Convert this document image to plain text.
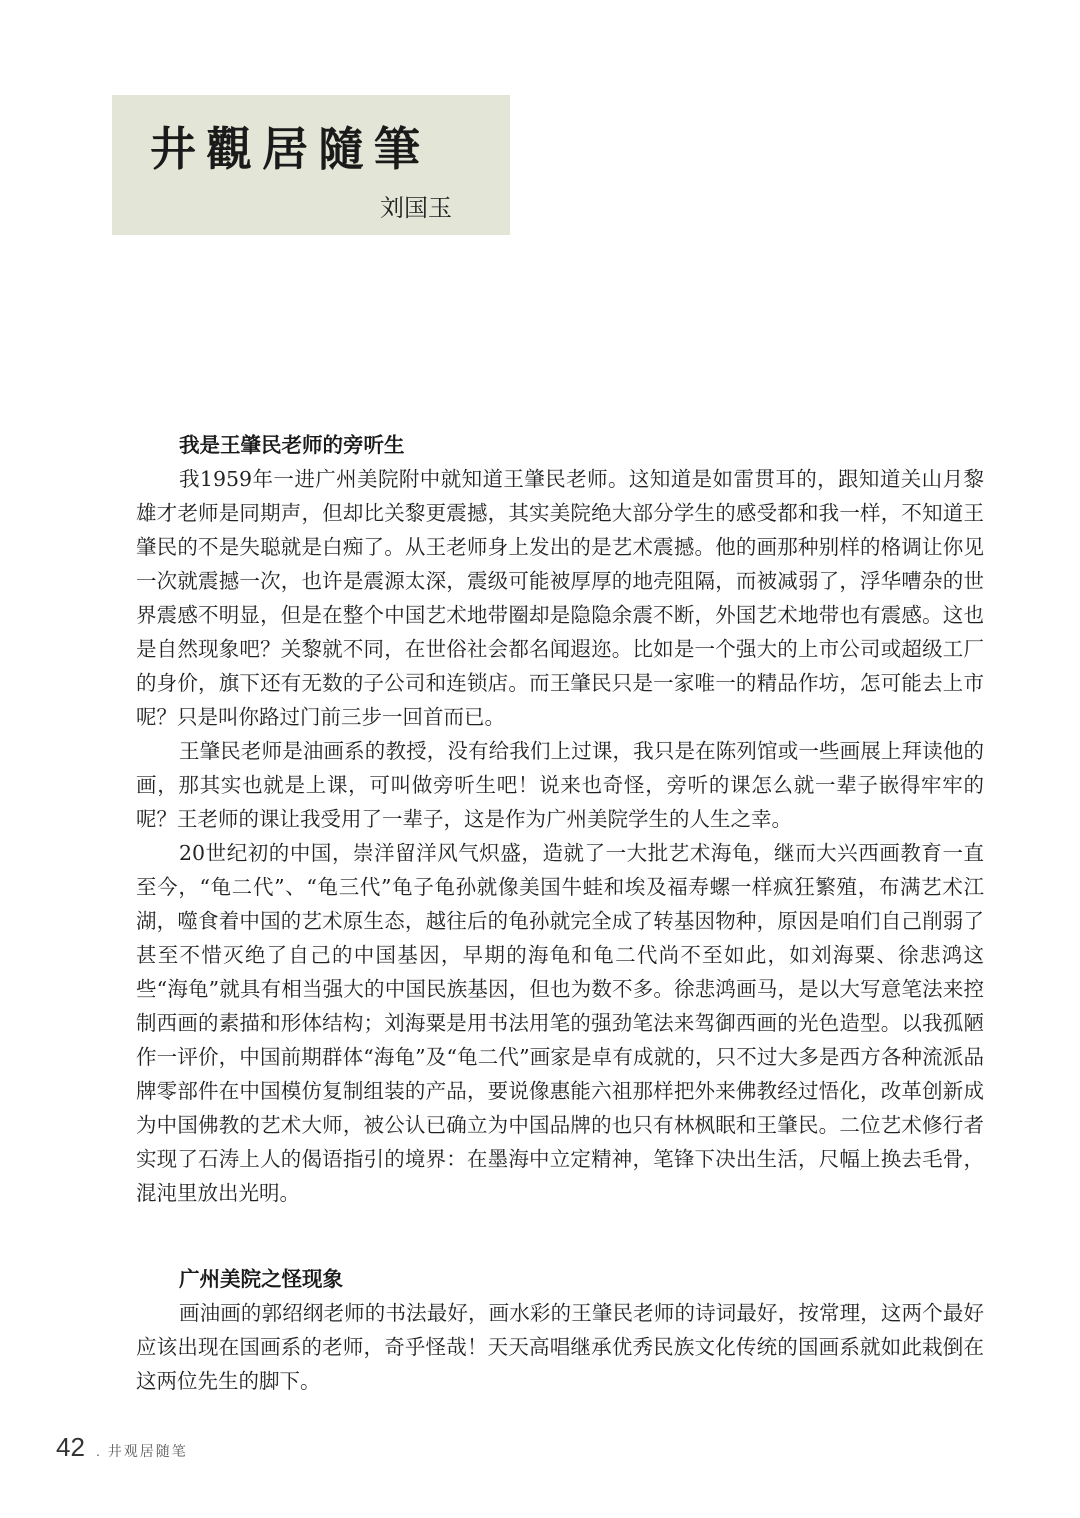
井觀居隨筆
刘国玉
我是王肇民老师的旁听生

我1959年一进广州美院附中就知道王肇民老师。这知道是如雷贯耳的，跟知道关山月黎雄才老师是同期声，但却比关黎更震撼，其实美院绝大部分学生的感受都和我一样，不知道王肇民的不是失聪就是白痴了。从王老师身上发出的是艺术震撼。他的画那种别样的格调让你见一次就震撼一次，也许是震源太深，震级可能被厚厚的地壳阻隔，而被减弱了，浮华嘈杂的世界震感不明显，但是在整个中国艺术地带圈却是隐隐余震不断，外国艺术地带也有震感。这也是自然现象吧？关黎就不同，在世俗社会都名闻遐迩。比如是一个强大的上市公司或超级工厂的身价，旗下还有无数的子公司和连锁店。而王肇民只是一家唯一的精品作坊，怎可能去上市呢？只是叫你路过门前三步一回首而已。

王肇民老师是油画系的教授，没有给我们上过课，我只是在陈列馆或一些画展上拜读他的画，那其实也就是上课，可叫做旁听生吧！说来也奇怪，旁听的课怎么就一辈子嵌得牢牢的呢？王老师的课让我受用了一辈子，这是作为广州美院学生的人生之幸。

20世纪初的中国，崇洋留洋风气炽盛，造就了一大批艺术海龟，继而大兴西画教育一直至今，“龟二代”、“龟三代”龟子龟孙就像美国牛蛙和埃及福寿螺一样疯狂繁殖，布满艺术江湖，噬食着中国的艺术原生态，越往后的龟孙就完全成了转基因物种，原因是咱们自己削弱了甚至不惜灭绝了自己的中国基因，早期的海龟和龟二代尚不至如此，如刘海粟、徐悲鸿这些“海龟”就具有相当强大的中国民族基因，但也为数不多。徐悲鸿画马，是以大写意笔法来控制西画的素描和形体结构；刘海粟是用书法用笔的强劲笔法来驾御西画的光色造型。以我孤陋作一评价，中国前期群体“海龟”及“龟二代”画家是卓有成就的，只不过大多是西方各种流派品牌零部件在中国模仿复制组装的产品，要说像惠能六祖那样把外来佛教经过悟化，改革创新成为中国佛教的艺术大师，被公认已确立为中国品牌的也只有林枫眠和王肇民。二位艺术修行者实现了石涛上人的偈语指引的境界：在墨海中立定精神，笔锋下决出生活，尺幅上换去毛骨，混沌里放出光明。

广州美院之怪现象

画油画的郭绍纲老师的书法最好，画水彩的王肇民老师的诗词最好，按常理，这两个最好应该出现在国画系的老师，奇乎怪哉！天天高唱继承优秀民族文化传统的国画系就如此栽倒在这两位先生的脚下。

42 . 井观居随笔
